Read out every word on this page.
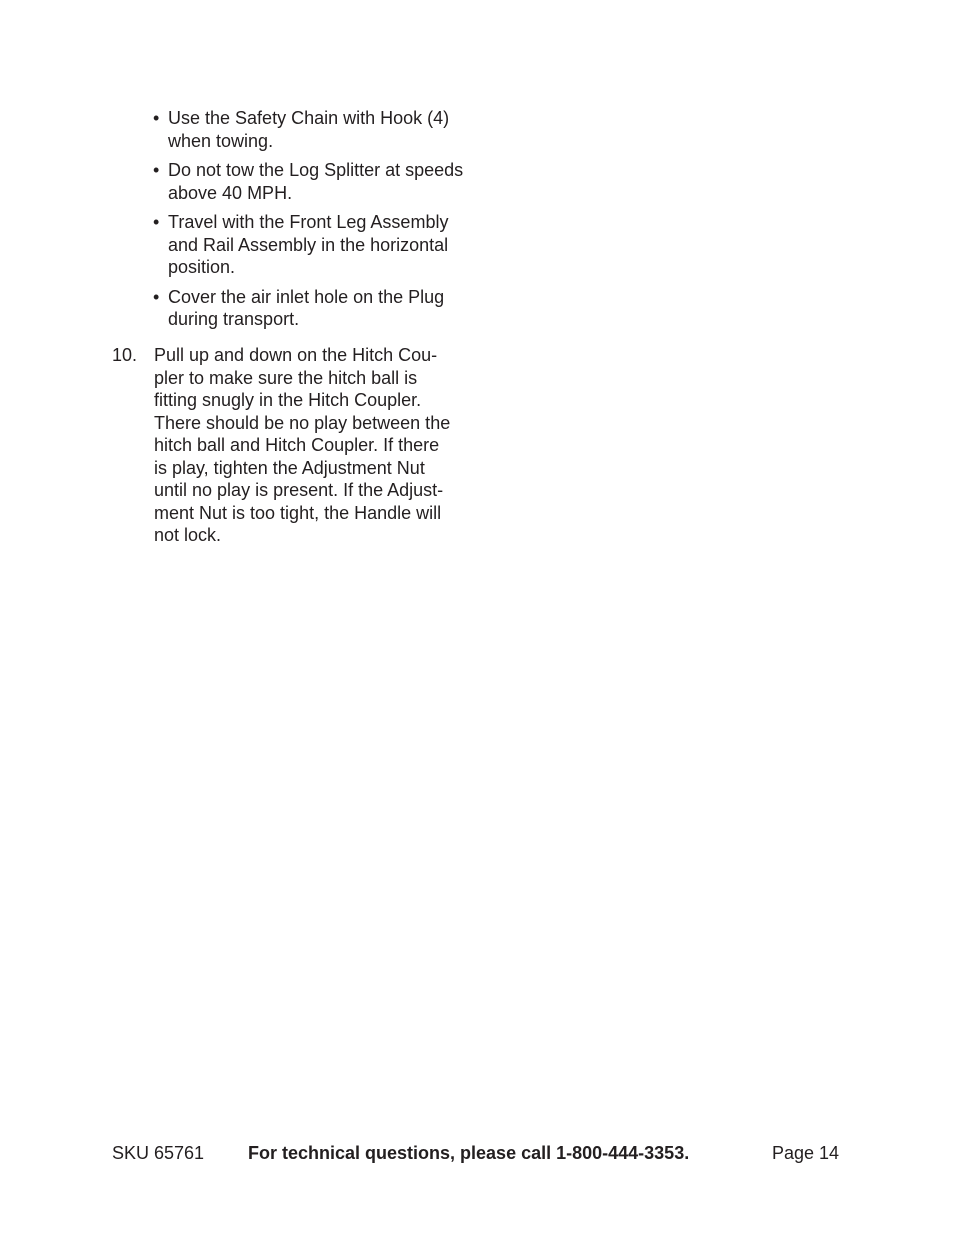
• Use the Safety Chain with Hook (4) when towing.
• Do not tow the Log Splitter at speeds above 40 MPH.
• Travel with the Front Leg Assembly and Rail Assembly in the horizontal position.
• Cover the air inlet hole on the Plug during transport.
10. Pull up and down on the Hitch Cou-
pler to make sure the hitch ball is
fitting snugly in the Hitch Coupler.
There should be no play between the
hitch ball and Hitch Coupler. If there
is play, tighten the Adjustment Nut
until no play is present. If the Adjust-
ment Nut is too tight, the Handle will
not lock.

SKU 65761 For technical questions, please call 1-800-444-3353.	Page 14
